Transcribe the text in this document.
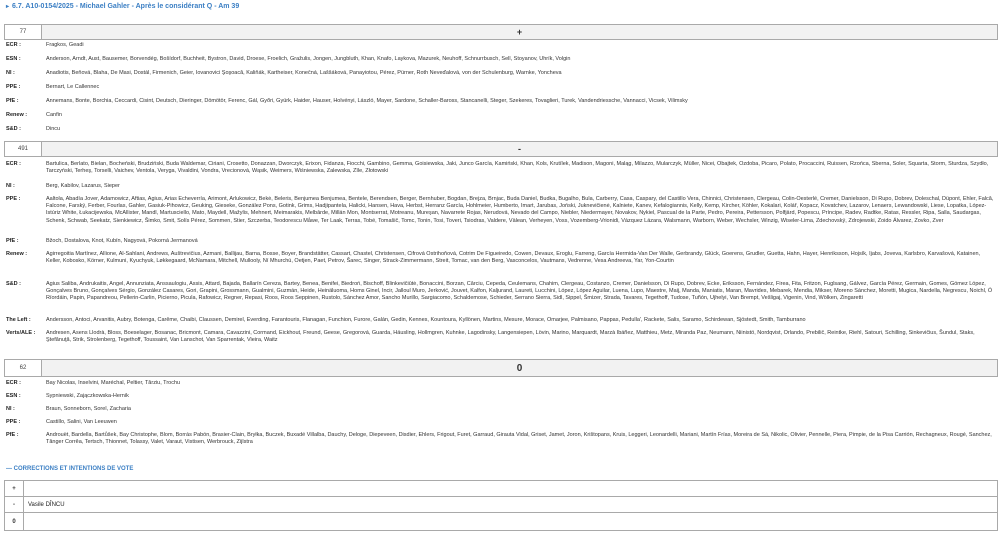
▸ 6.7. A10-0154/2025 - Michael Gahler - Après le considérant Q - Am 39
77	+
ECR :	Fragkos, Geadi
ESN :	Anderson, Arndt, Aust, Bausemer, Borvendég, Bošídorf, Buchheit, Bystron, David, Droese, Froelich, Gražulis, Jongen, Jungbluth, Khan, Knafo, Laykova, Mazurek, Neuhoff, Schnurrbusch, Sell, Stoyanov, Uhrík, Volgin
NI :	Anadiotis, Beňová, Blaha, De Masi, Dostál, Firmenich, Geier, Iovanovici Şoşoacă, Kaliňák, Kartheiser, Konečná, Laššáková, Panayiotou, Pérez, Pürner, Roth Neveďalová, von der Schulenburg, Warnke, Yoncheva
PPE :	Bernart, Le Callennec
PfE :	Annemans, Bonte, Borchia, Ceccardi, Cisint, Deutsch, Dieringer, Dömötör, Ferenc, Gál, Győri, Gyürk, Haider, Hauser, Holvényi, László, Mayer, Sardone, Schaller-Baross, Stancanelli, Steger, Szekeres, Tovaglieri, Turek, Vandendriessche, Vannacci, Vicsek, Vilimsky
Renew :	Canfin
S&D :	Dincu
491	-
ECR :	Bartulica, Berlato, Bielan, Bocheński, Brudziński, Buda Waldemar, Ciriani, Crosetto, Donazzan, Dworczyk, Erixon, Fidanza, Fiocchi, Gambino, Gemma, Goisiewska, Jaki, Junco García, Kamiński, Khan, Kols, Krutílek, Madison, Magoni, Maląg, Milazzo, Mularczyk, Müller, Nicei, Obajtek, Ozdoba, Picaro, Polato, Procaccini, Ruissen, Rzońca, Sberna, Soler, Squarta, Storm, Sturdza, Szydło, Tarczyński, Terheş, Torselli, Vaichev, Ventola, Veryga, Vivaldini, Vondra, Vrecionová, Wąsik, Weimers, Wiśniewska, Zalewska, Zīle, Złotowski
NI :	Berg, Kabilov, Lazarus, Sieper
PPE :	Aaltola, Abadía Jover, Adamowicz, Aftias, Agius, Arias Echeverría, Arimont, Arlukowicz, Bekė, Beleris, Benjumea Benjumea, Bentele, Berendsen, Berger, Bernhuber, Bogdan, Brejza, Brnjac, Buda Daniel, Budka, Bugalho, Bula, Carberry, Casa, Caspary, del Castillo Vera, Chinnici, Christensen, Clergeau, Colin-Oesterlé, Cremer, Danielsson, Di Rupo, Dobrev, Doleschal, Düpont, Ehler, Falcă, Falcone, Farský, Ferber, Fourlas, Gahler, Gasiuk-Pihowicz, Geuking, Gieseke, González Pons, Gotink, Grims, Hadjipantela, Halicki, Hansen, Hava, Herbst, Herranz García, Hohlmeier, Humberto, Imart, Jarubas, Joński, Juknevičienė, Kalniete, Kanev, Kefalogiannis, Kelly, Kemp, Kircher, Köhler, Kokalari, Kolář, Kopacz, Kovatchev, Lazarov, Lenaers, Lewandowski, Liese, Lopatka, López-Istúriz White, Łukacijewska, McAllister, Mandl, Martusciello, Mato, Maydell, Mažylis, Mehnert, Meimarakis, Melbārde, Millán Mon, Montserrat, Motreanu, Mureşan, Navarrete Rojas, Nerudová, Nevado del Campo, Niebler, Niedermayer, Novakov, Nykiel, Pascual de la Parte, Pedro, Pereira, Pettersson, Polfjärd, Popescu, Príncipe, Radev, Radtke, Ratas, Ressler, Ripa, Salla, Saudargas, Schenk, Schwab, Seekatz, Sienkiewicz, Šimko, Smit, Solís Pérez, Sommen, Stier, Szczerba, Teodorescu Måwe, Ter Laak, Terras, Tobé, Tomašič, Tomc, Tonin, Tosi, Toveri, Tsiodras, Valdere, Välean, Verheyen, Voss, Vozemberg-Vrionidi, Vázquez Lázara, Walsmann, Warborn, Weber, Wechsler, Winzig, Wiseler-Lima, Zdechovský, Zdrojewski, Zoido Álvarez, Zovko, Zver
PfE :	Bžoch, Dostalova, Knot, Kubín, Nagyová, Pokorná Jermanová
Renew :	Agirregoitia Martínez, Allione, Al-Sahlani, Andrews, Auštrevičius, Azmani, Ballijau, Barna, Bosse, Boyer, Brandstätter, Cassart, Chastel, Christensen, Cifrová Ostrihoňová, Cotrim De Figueiredo, Cowen, Devaux, Eroglu, Farreng, García Hermida-Van Der Walle, Gerbrandy, Glück, Goerens, Grudler, Guetta, Hahn, Hayer, Henriksson, Hojsík, Ijabs, Joveva, Karlsbro, Karvašová, Katainen, Keller, Kobosko, Körner, Kulmuni, Kyuchyuk, Løkkegaard, McNamara, Mitchell, Mullooly, Ní Mhurchú, Oetjen, Paet, Petrov, Šarec, Singer, Strack-Zimmermann, Streit, Tomac, van den Berg, Vasconcelos, Vautmans, Vedrenne, Vesa Andreeva, Yar, Yon-Courtin
S&D :	Agius Saliba, Andrukaitis, Angel, Annunziata, Anssaulogiu, Assis, Attard, Bajada, Ballarín Cereza, Bartey, Benea, Benifei, Biedroń, Bischoff, Blinkevičiūtė, Bonaccini, Borzan, Cârciu, Cepeda, Ceulemans, Chahim, Clergeau, Costanzo, Cremer, Danielsson, Di Rupo, Dobrev, Ecke, Eriksson, Fernández, Firea, Fita, Fritzon, Fuglsang, Gálvez, García Pérez, Germain, Gomes, Gómez López, Gonçalves Bruno, Gonçalves Sérgio, González Casares, Gori, Grapini, Grossmann, Gualmini, Guzmán, Heide, Heinäluoma, Homs Ginel, Incir, Jalloul Muro, Jerković, Jouvet, Kalfon, Kaljurand, Laureti, Lucchini, López, López Aguilar, Luena, Lupo, Maestre, Maij, Manda, Maniatis, Maran, Mavrides, Mebarek, Mendia, Mikser, Moreno Sánchez, Moretti, Mugica, Nardella, Negrescu, Noichl, Ó Ríordáin, Papin, Papandreou, Pellerin-Carlin, Picierno, Picula, Rafowicz, Regner, Repasi, Roos, Roos Seppinen, Rustolo, Sánchez Amor, Sancho Murillo, Sargiacomo, Schaldemose, Schieder, Serrano Sierra, Sidl, Sippel, Šmizer, Strada, Tavares, Tegethoff, Tudose, Tuñón, Ujhelyi, Van Brempt, Vešligaj, Vigenin, Vind, Wölken, Zingaretti
The Left :	Andersson, Antoci, Arvanitis, Aubry, Botenga, Carême, Chaibi, Claussen, Demirel, Everding, Farantouris, Flanagan, Funchion, Furore, Galán, Gedin, Kennes, Kountoura, Kyllönen, Martins, Mesure, Morace, Omarjee, Palmisano, Pappas, Pedulla', Rackete, Salis, Saramo, Schirdewan, Sjöstedt, Smith, Tamburrano
Verts/ALE :	Andresen, Asens Llodrà, Bloss, Boeselager, Bosanac, Bricmont, Camara, Cavazzini, Cormand, Eickhout, Freund, Geese, Gregorová, Guarda, Häusling, Hollmgren, Kuhnke, Lagodinsky, Langensiepen, Lövin, Marino, Marquardt, Marzà Ibáñez, Matthieu, Metz, Miranda Paz, Neumann, Niinistö, Nordqvist, Orlando, Prebilič, Reintke, Riehl, Satouri, Schilling, Sinkevičius, Šundul, Staks, Ştefănuţă, Strik, Strolenberg, Tegethoff, Toussaint, Van Lanschot, Van Sparrentak, Vieira, Waitz
62	0
ECR :	Bay Nicolas, Inselvini, Maréchal, Peltier, Târziu, Trochu
ESN :	Sypniewski, Zajączkowska-Hernik
NI :	Braun, Sonneborn, Sorel, Zacharia
PPE :	Castillo, Salini, Van Leeuwen
PfE :	Androuët, Bardella, Bartůšek, Bay Christophe, Blom, Borrás Pabón, Brasier-Clain, Bryłka, Buczek, Buxadé Villalba, Dauchy, Deloge, Diepeveen, Disdier, Ehlers, Frigout, Furet, Garraud, Girauta Vidal, Griset, Jamet, Joron, Krištopans, Kruis, Leggeri, Leonardelli, Mariani, Martín Frías, Moreira de Sá, Nikolic, Olivier, Pennelle, Piera, Pimpie, de la Pisa Carrión, Rechagneux, Rougé, Sanchez, Tânger Corrêa, Tertsch, Thionnet, Tolassy, Valet, Varaut, Vistisen, Werbrouck, Zijlstra
— CORRECTIONS ET INTENTIONS DE VOTE
+	
-	Vasile DÎNCU
0	
